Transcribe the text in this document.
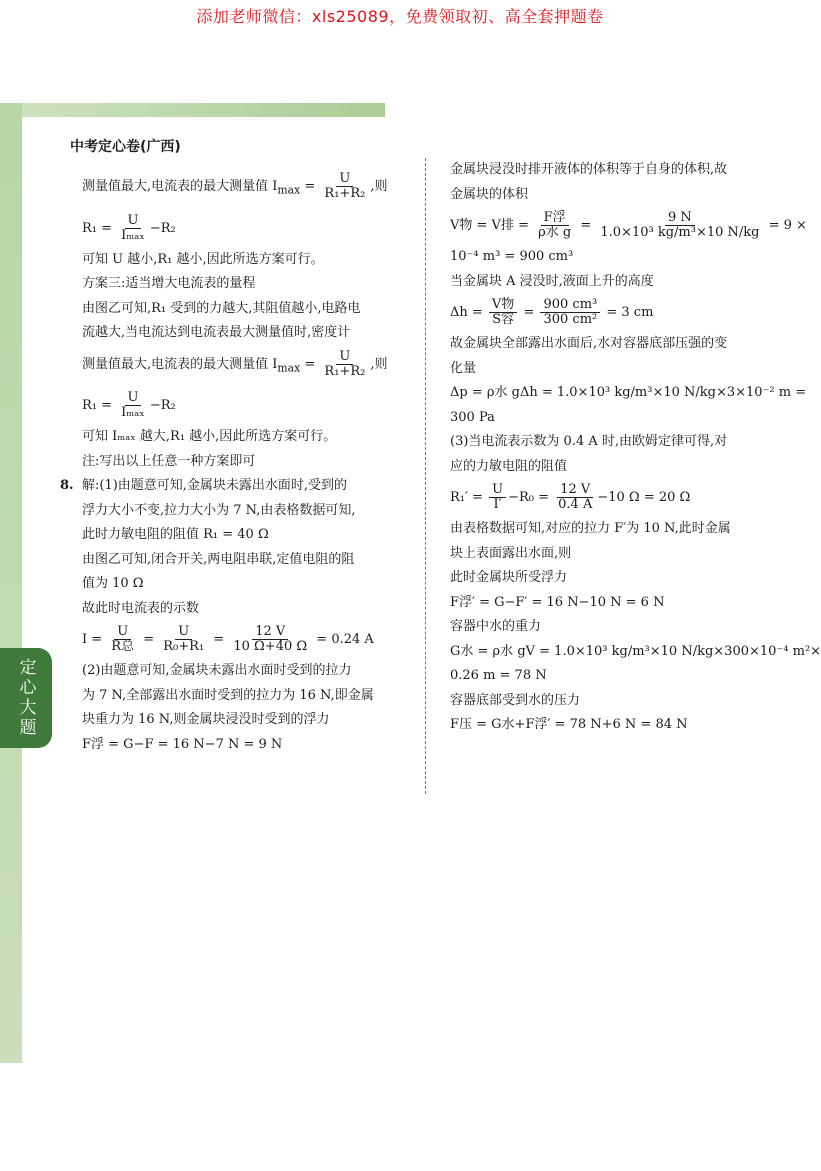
添加老师微信：xls25089，免费领取初、高全套押题卷
定心大题
中考定心卷(广西)
测量值最大,电流表的最大测量值 $I_{max} = \frac{U}{\text{R₁+R₂}}$ ,则
$R_1 = \frac{U}{\text{Iₘₐₓ}} -R_2$
可知 U 越小,R₁ 越小,因此所选方案可行。
方案三:适当增大电流表的量程
由图乙可知,R₁ 受到的力越大,其阻值越小,电路电
流越大,当电流达到电流表最大测量值时,密度计
测量值最大,电流表的最大测量值 $I_{max} = \frac{U}{\text{R₁+R₂}}$ ,则
$R_1 = \frac{U}{\text{Iₘₐₓ}} -R_2$
可知 Iₘₐₓ 越大,R₁ 越小,因此所选方案可行。
注:写出以上任意一种方案即可
8. 解:(1)由题意可知,金属块未露出水面时,受到的
浮力大小不变,拉力大小为 7 N,由表格数据可知,
此时力敏电阻的阻值 R₁ = 40 Ω
由图乙可知,闭合开关,两电阻串联,定值电阻的阻
值为 10 Ω
故此时电流表的示数
$I = \frac{U}{\text{R总}} = \frac{U}{\text{R₀+R₁}} = \frac{12 V}{10 \Omega+40 \Omega} = 0.24$ A
(2)由题意可知,金属块未露出水面时受到的拉力
为 7 N,全部露出水面时受到的拉力为 16 N,即金属
块重力为 16 N,则金属块浸没时受到的浮力
F浮 = G−F = 16 N−7 N = 9 N
金属块浸没时排开液体的体积等于自身的体积,故
金属块的体积
V物 = V排 = $\frac{\text{F浮}}{\text{ρ水 g}} = \frac{9 N}{\text{1.0×10³ kg/m³×10 N/kg}} = 9$ ×
10⁻⁴ m³ = 900 cm³
当金属块 A 浸没时,液面上升的高度
$\Delta h = \frac{\text{V物}}{\text{S容}} = \frac{\text{900 cm³}}{\text{300 cm²}} = 3$ cm
故金属块全部露出水面后,水对容器底部压强的变
化量
Δp = ρ水 gΔh = 1.0×10³ kg/m³×10 N/kg×3×10⁻² m =
300 Pa
(3)当电流表示数为 0.4 A 时,由欧姆定律可得,对
应的力敏电阻的阻值
$R_1' = \frac{U}{I'} -R_0 = \frac{12 V}{0.4 A} -10$ Ω = 20 Ω
由表格数据可知,对应的拉力 F′为 10 N,此时金属
块上表面露出水面,则
此时金属块所受浮力
F浮′ = G−F′ = 16 N−10 N = 6 N
容器中水的重力
G水 = ρ水 gV = 1.0×10³ kg/m³×10 N/kg×300×10⁻⁴ m²×
0.26 m = 78 N
容器底部受到水的压力
F压 = G水+F浮′ = 78 N+6 N = 84 N
